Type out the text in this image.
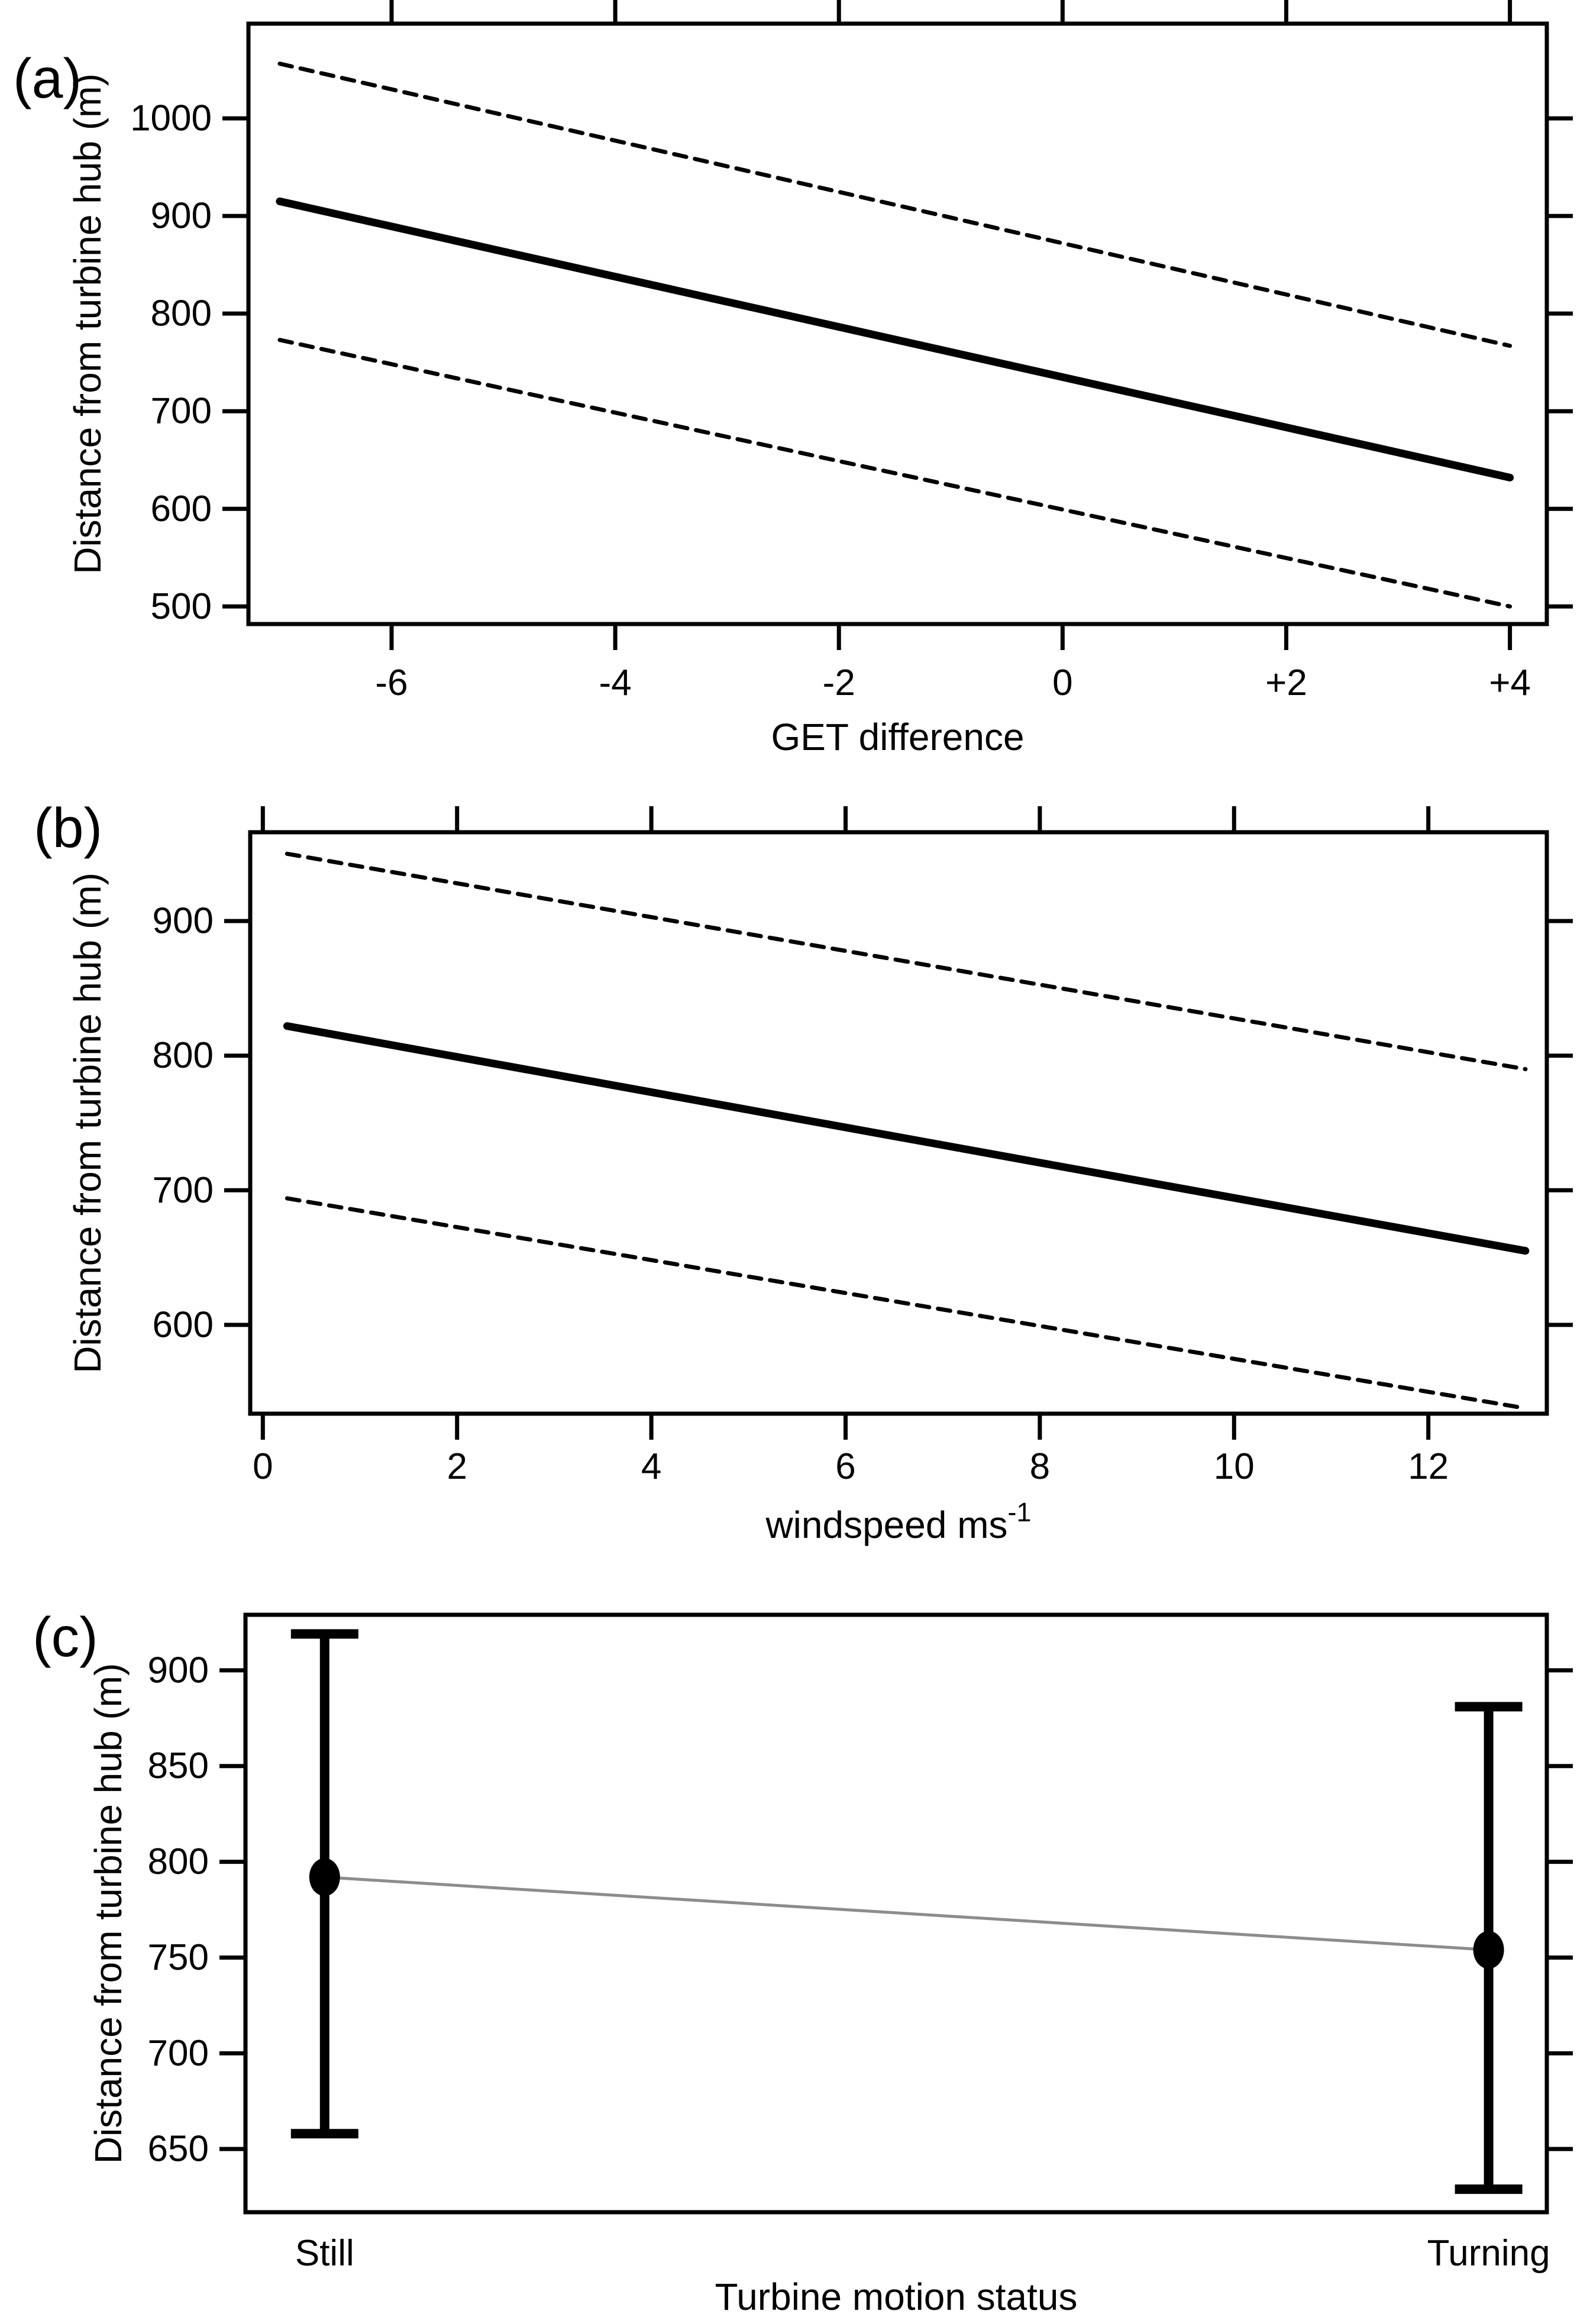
500
600
700
800
900
1000
-6	-4	-2	0	+2	+4
GET difference
Distance from turbine hub (m)
(a)
600
700
800
900
0	2	4	6	8	10	12
windspeed $ms^{-1}$
Distance from turbine hub (m)
(b)
650
700
750
800
850
900
Still	Turning
Turbine motion status
Distance from turbine hub (m)
(c)
